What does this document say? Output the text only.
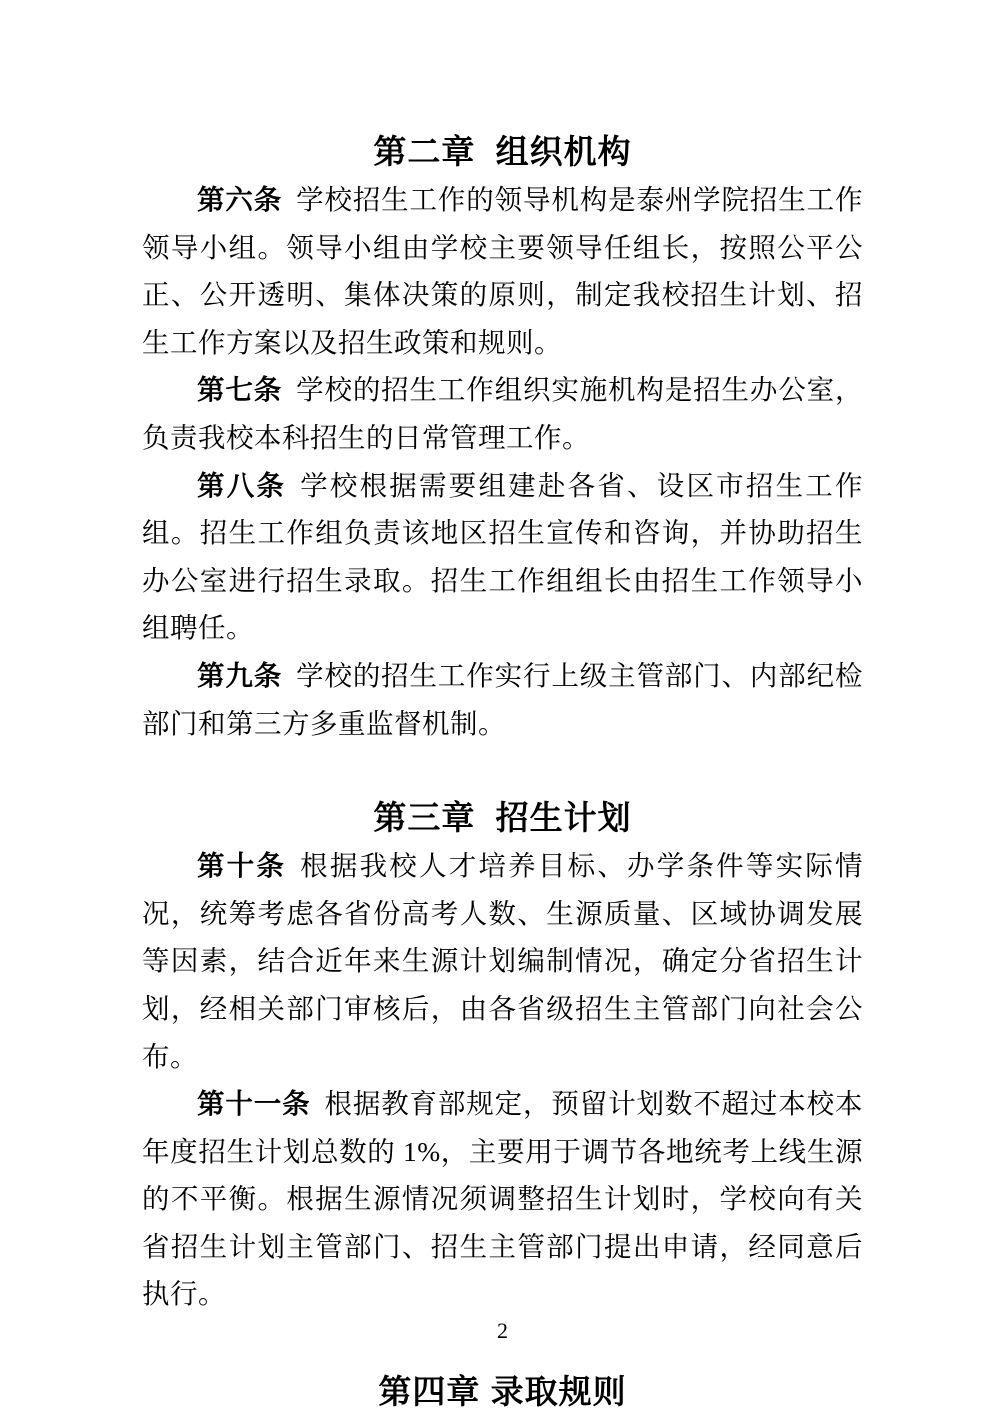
第二章  组织机构

第六条 学校招生工作的领导机构是泰州学院招生工作领导小组。领导小组由学校主要领导任组长，按照公平公正、公开透明、集体决策的原则，制定我校招生计划、招生工作方案以及招生政策和规则。

第七条 学校的招生工作组织实施机构是招生办公室，负责我校本科招生的日常管理工作。

第八条 学校根据需要组建赴各省、设区市招生工作组。招生工作组负责该地区招生宣传和咨询，并协助招生办公室进行招生录取。招生工作组组长由招生工作领导小组聘任。

第九条 学校的招生工作实行上级主管部门、内部纪检部门和第三方多重监督机制。

第三章  招生计划

第十条 根据我校人才培养目标、办学条件等实际情况，统筹考虑各省份高考人数、生源质量、区域协调发展等因素，结合近年来生源计划编制情况，确定分省招生计划，经相关部门审核后，由各省级招生主管部门向社会公布。

第十一条 根据教育部规定，预留计划数不超过本校本年度招生计划总数的 1%，主要用于调节各地统考上线生源的不平衡。根据生源情况须调整招生计划时，学校向有关省招生计划主管部门、招生主管部门提出申请，经同意后执行。

第四章 录取规则
2
